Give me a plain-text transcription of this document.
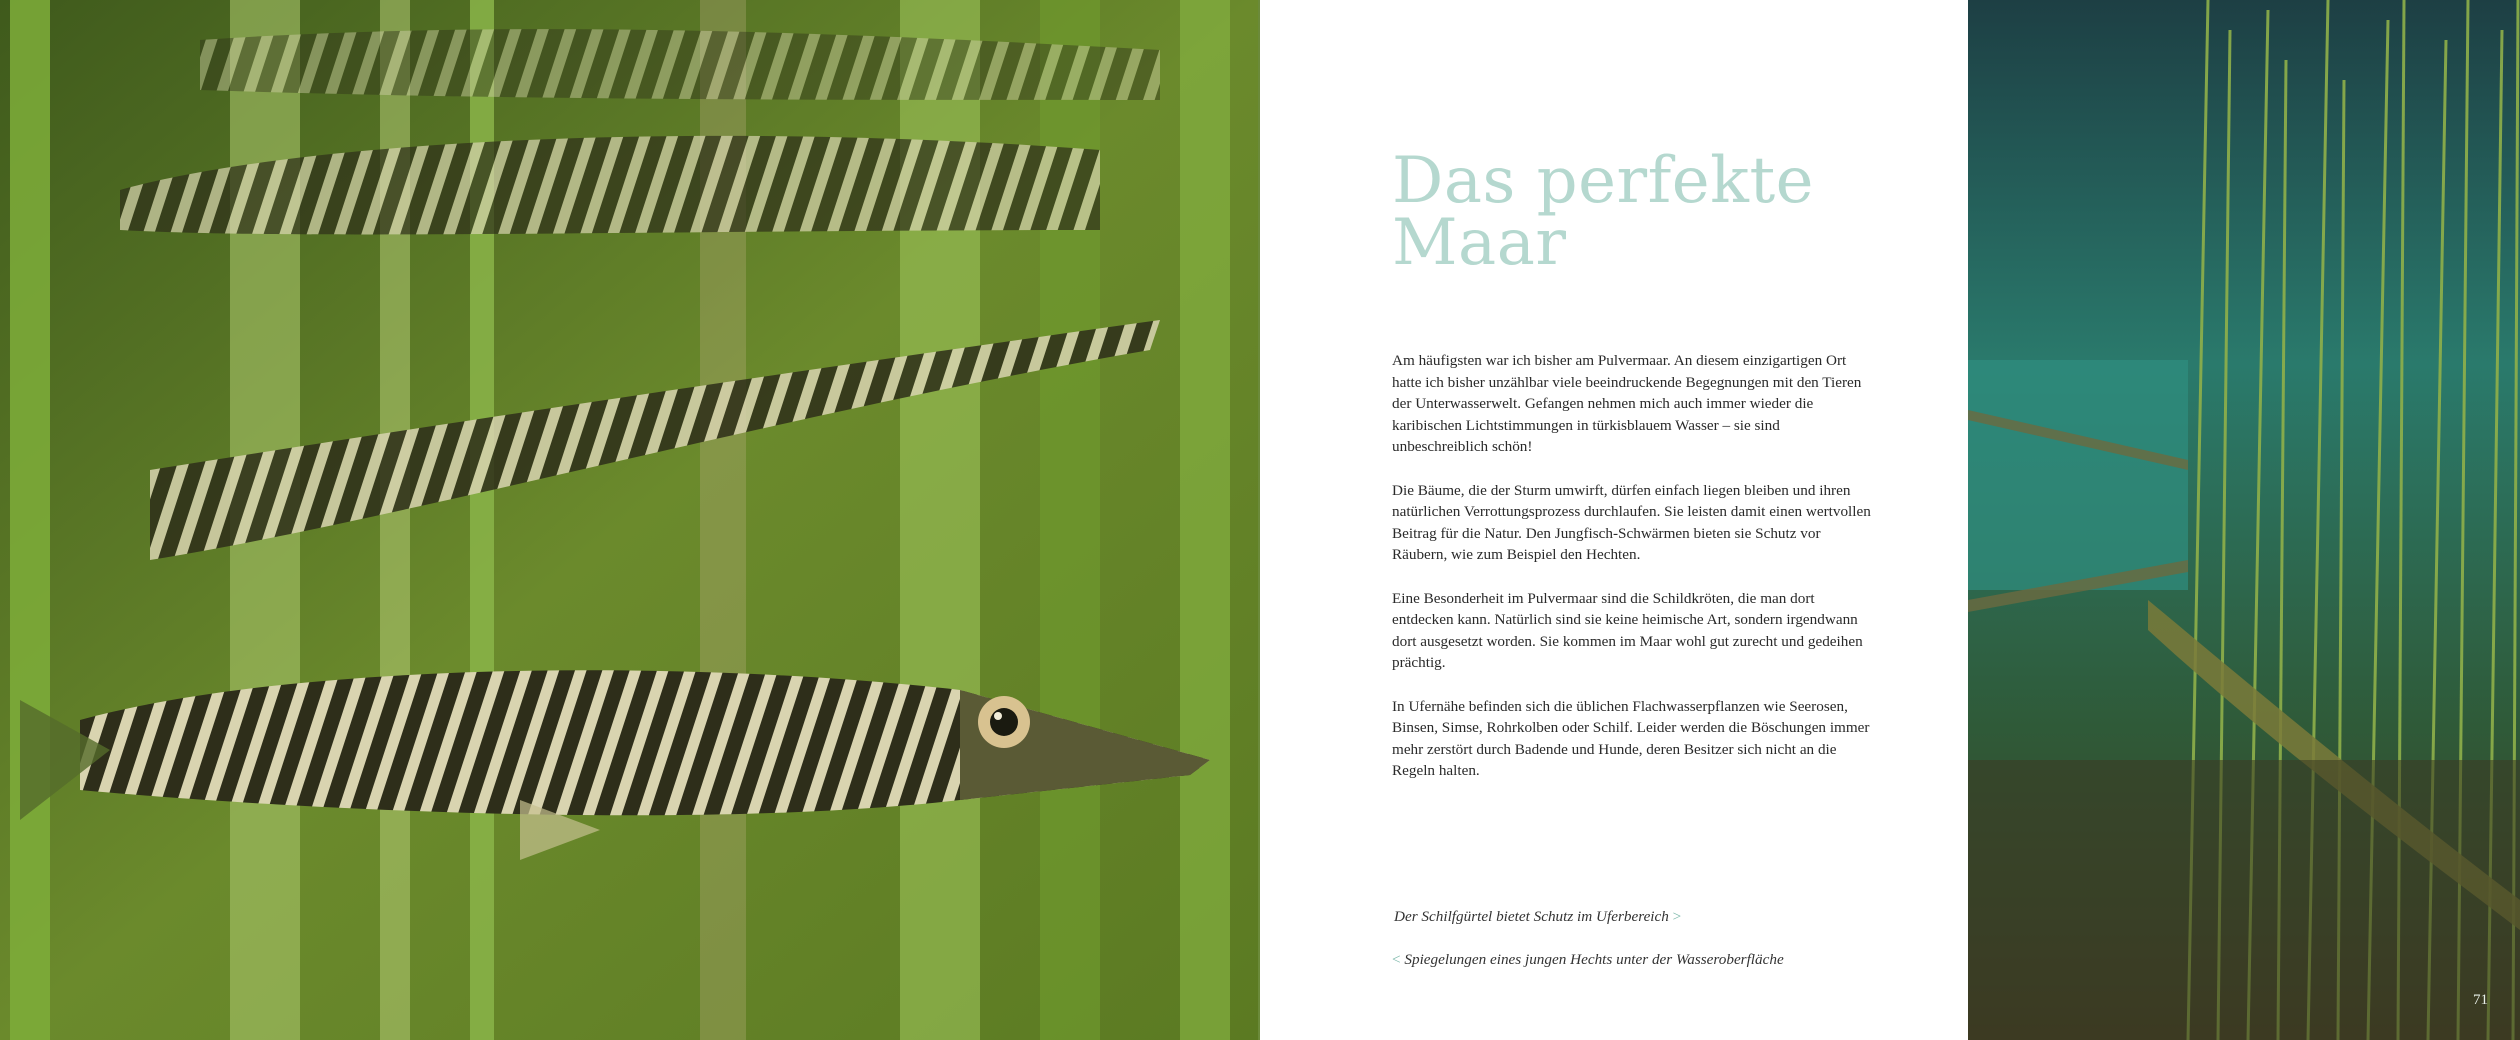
Das perfekte
Maar

Am häufigsten war ich bisher am Pulvermaar. An diesem einzigartigen Ort hatte ich bisher unzählbar viele beeindruckende Begegnungen mit den Tieren der Unterwasserwelt. Gefangen nehmen mich auch immer wieder die karibischen Lichtstimmungen in türkisblauem Wasser – sie sind unbeschreiblich schön!

Die Bäume, die der Sturm umwirft, dürfen einfach liegen bleiben und ihren natürlichen Verrottungsprozess durchlaufen. Sie leisten damit einen wertvollen Beitrag für die Natur. Den Jungfisch-Schwärmen bieten sie Schutz vor Räubern, wie zum Beispiel den Hechten.

Eine Besonderheit im Pulvermaar sind die Schildkröten, die man dort entdecken kann. Natürlich sind sie keine heimische Art, sondern irgendwann dort ausgesetzt worden. Sie kommen im Maar wohl gut zurecht und gedeihen prächtig.

In Ufernähe befinden sich die üblichen Flachwasserpflanzen wie Seerosen, Binsen, Simse, Rohrkolben oder Schilf. Leider werden die Böschungen immer mehr zerstört durch Badende und Hunde, deren Besitzer sich nicht an die Regeln halten.

Der Schilfgürtel bietet Schutz im Uferbereich >
< Spiegelungen eines jungen Hechts unter der Wasseroberfläche
71
